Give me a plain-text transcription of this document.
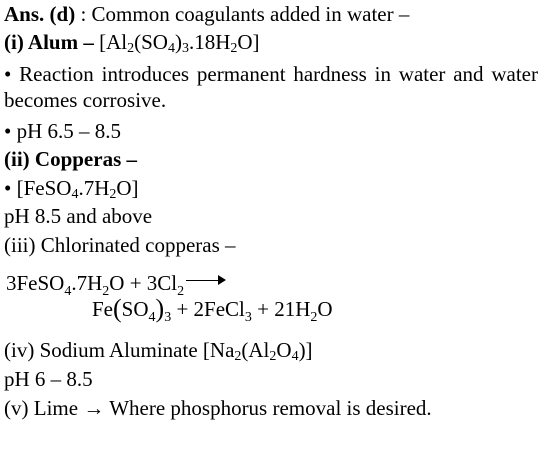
Ans. (d) : Common coagulants added in water –
(i) Alum – $[Al_2(SO_4)_3.18H_2O]$
• Reaction introduces permanent hardness in water and water becomes corrosive.
• pH 6.5 – 8.5
(ii) Copperas –
• $[FeSO_4.7H_2O]$
pH 8.5 and above
(iii) Chlorinated copperas –
$3FeSO_4.7H_2O + 3Cl_2$
$Fe(SO_4)_3$ + 2FeCl$_3$ + $21H_2O$
(iv) Sodium Aluminate $[Na_2(Al_2O_4)]$
pH 6 – 8.5
(v) Lime → Where phosphorus removal is desired.
